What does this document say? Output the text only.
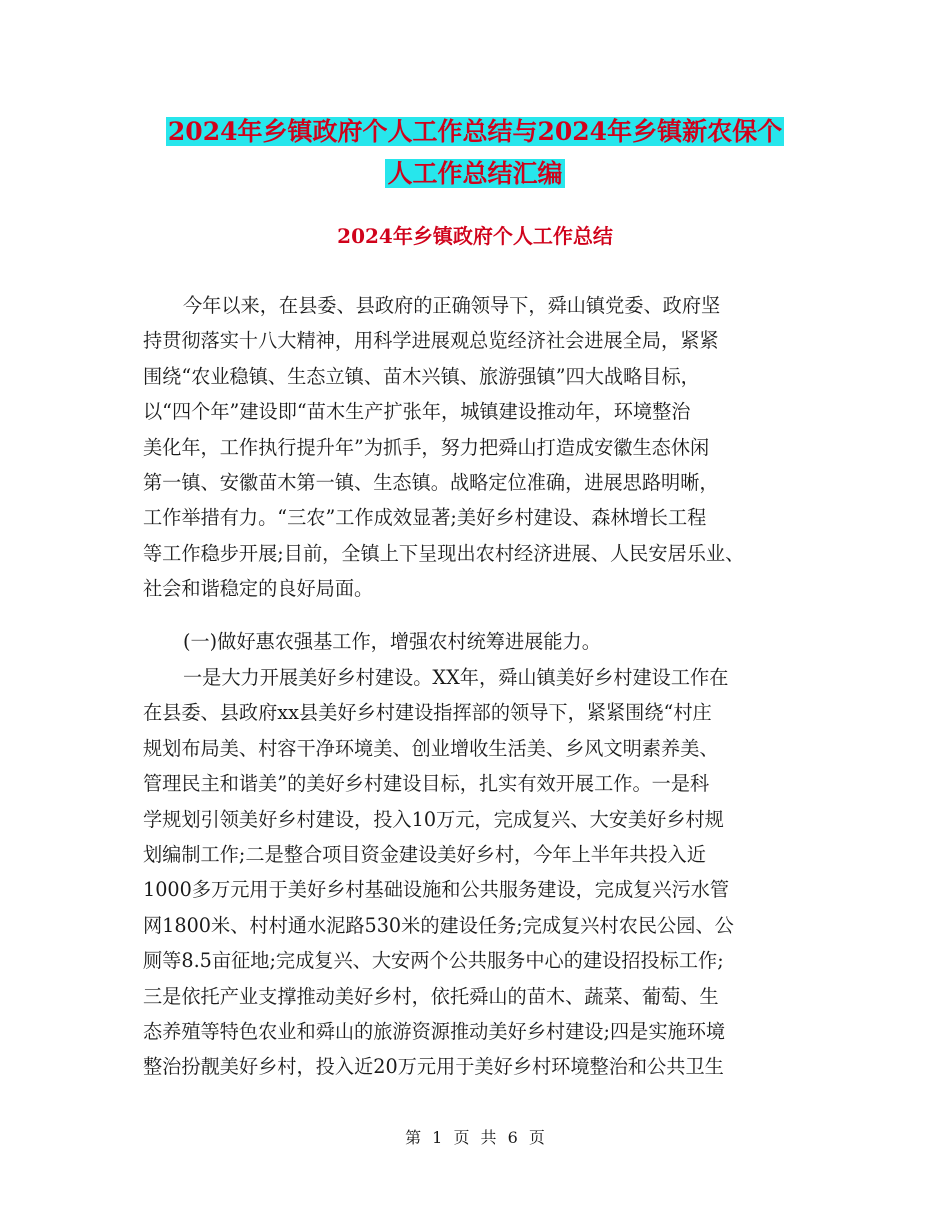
2024年乡镇政府个人工作总结与2024年乡镇新农保个
人工作总结汇编
2024年乡镇政府个人工作总结
今年以来，在县委、县政府的正确领导下，舜山镇党委、政府坚
持贯彻落实十八大精神，用科学进展观总览经济社会进展全局，紧紧
围绕“农业稳镇、生态立镇、苗木兴镇、旅游强镇”四大战略目标，
以“四个年”建设即“苗木生产扩张年，城镇建设推动年，环境整治
美化年，工作执行提升年”为抓手，努力把舜山打造成安徽生态休闲
第一镇、安徽苗木第一镇、生态镇。战略定位准确，进展思路明晰，
工作举措有力。“三农”工作成效显著;美好乡村建设、森林增长工程
等工作稳步开展;目前，全镇上下呈现出农村经济进展、人民安居乐业、
社会和谐稳定的良好局面。
(一)做好惠农强基工作，增强农村统筹进展能力。
一是大力开展美好乡村建设。XX年，舜山镇美好乡村建设工作在
在县委、县政府xx县美好乡村建设指挥部的领导下，紧紧围绕“村庄
规划布局美、村容干净环境美、创业增收生活美、乡风文明素养美、
管理民主和谐美”的美好乡村建设目标，扎实有效开展工作。一是科
学规划引领美好乡村建设，投入10万元，完成复兴、大安美好乡村规
划编制工作;二是整合项目资金建设美好乡村，今年上半年共投入近
1000多万元用于美好乡村基础设施和公共服务建设，完成复兴污水管
网1800米、村村通水泥路530米的建设任务;完成复兴村农民公园、公
厕等8.5亩征地;完成复兴、大安两个公共服务中心的建设招投标工作;
三是依托产业支撑推动美好乡村，依托舜山的苗木、蔬菜、葡萄、生
态养殖等特色农业和舜山的旅游资源推动美好乡村建设;四是实施环境
整治扮靓美好乡村，投入近20万元用于美好乡村环境整治和公共卫生
第 1 页 共 6 页
